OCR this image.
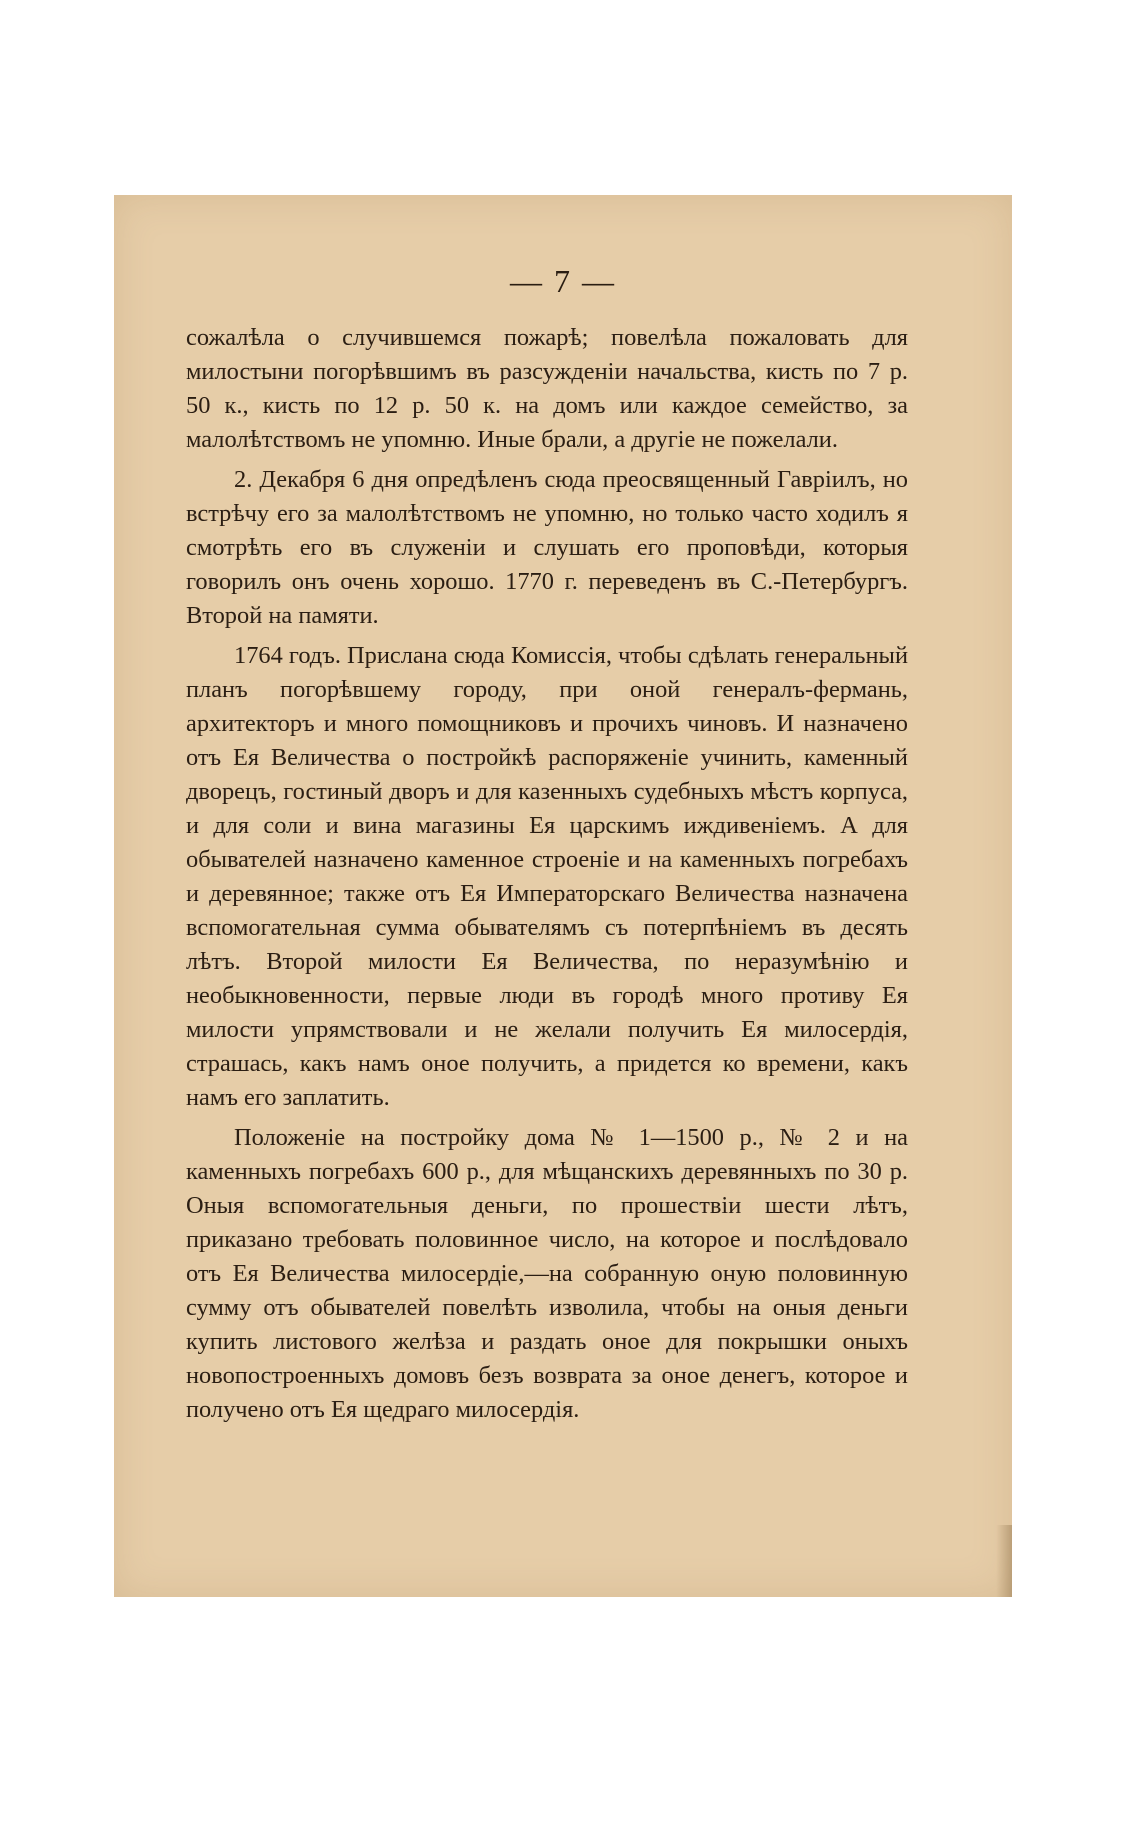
— 7 —

сожалѣла о случившемся пожарѣ; повелѣла пожаловать для милостыни погорѣвшимъ въ разсужденіи начальства, кисть по 7 р. 50 к., кисть по 12 р. 50 к. на домъ или каждое семейство, за малолѣтствомъ не упомню. Иные брали, а другіе не пожелали.

2. Декабря 6 дня опредѣленъ сюда преосвященный Гавріилъ, но встрѣчу его за малолѣтствомъ не упомню, но только часто ходилъ я смотрѣть его въ служеніи и слушать его проповѣди, которыя говорилъ онъ очень хорошо. 1770 г. переведенъ въ С.-Петербургъ. Второй на памяти.

1764 годъ. Прислана сюда Комиссія, чтобы сдѣлать генеральный планъ погорѣвшему городу, при оной генералъ-фермань, архитекторъ и много помощниковъ и прочихъ чиновъ. И назначено отъ Ея Величества о постройкѣ распоряженіе учинить, каменный дворецъ, гостиный дворъ и для казенныхъ судебныхъ мѣстъ корпуса, и для соли и вина магазины Ея царскимъ иждивеніемъ. А для обывателей назначено каменное строеніе и на каменныхъ погребахъ и деревянное; также отъ Ея Императорскаго Величества назначена вспомогательная сумма обывателямъ съ потерпѣніемъ въ десять лѣтъ. Второй милости Ея Величества, по неразумѣнію и необыкновенности, первые люди въ городѣ много противу Ея милости упрямствовали и не желали получить Ея милосердія, страшась, какъ намъ оное получить, а придется ко времени, какъ намъ его заплатить.

Положеніе на постройку дома № 1—1500 р., № 2 и на каменныхъ погребахъ 600 р., для мѣщанскихъ деревянныхъ по 30 р. Оныя вспомогательныя деньги, по прошествіи шести лѣтъ, приказано требовать половинное число, на которое и послѣдовало отъ Ея Величества милосердіе,—на собранную оную половинную сумму отъ обывателей повелѣть изволила, чтобы на оныя деньги купить листового желѣза и раздать оное для покрышки оныхъ новопостроенныхъ домовъ безъ возврата за оное денегъ, которое и получено отъ Ея щедраго милосердія.
